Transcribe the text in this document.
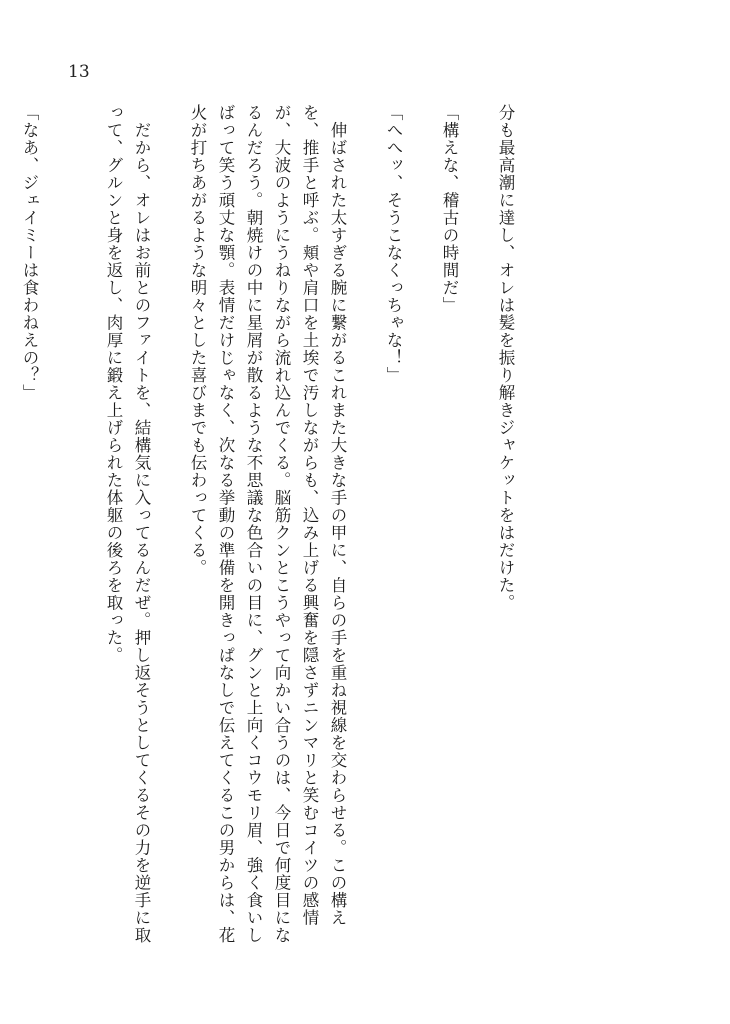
13

分も最高潮に達し、オレは髪を振り解きジャケットをはだけた。

「構えな、稽古の時間だ」

「へへッ、そうこなくっちゃな！」

　伸ばされた太すぎる腕に繋がるこれまた大きな手の甲に、自らの手を重ね視線を交わらせる。この構えを、推手と呼ぶ。頬や肩口を土埃で汚しながらも、込み上げる興奮を隠さずニンマリと笑むコイツの感情が、大波のようにうねりながら流れ込んでくる。脳筋クンとこうやって向かい合うのは、今日で何度目になるんだろう。朝焼けの中に星屑が散るような不思議な色合いの目に、グンと上向くコウモリ眉、強く食いしばって笑う頑丈な顎。表情だけじゃなく、次なる挙動の準備を開きっぱなしで伝えてくるこの男からは、花火が打ちあがるような明々とした喜びまでも伝わってくる。

　だから、オレはお前とのファイトを、結構気に入ってるんだぜ。押し返そうとしてくるその力を逆手に取って、グルンと身を返し、肉厚に鍛え上げられた体躯の後ろを取った。

「なあ、ジェイミーは食わねえの？」
